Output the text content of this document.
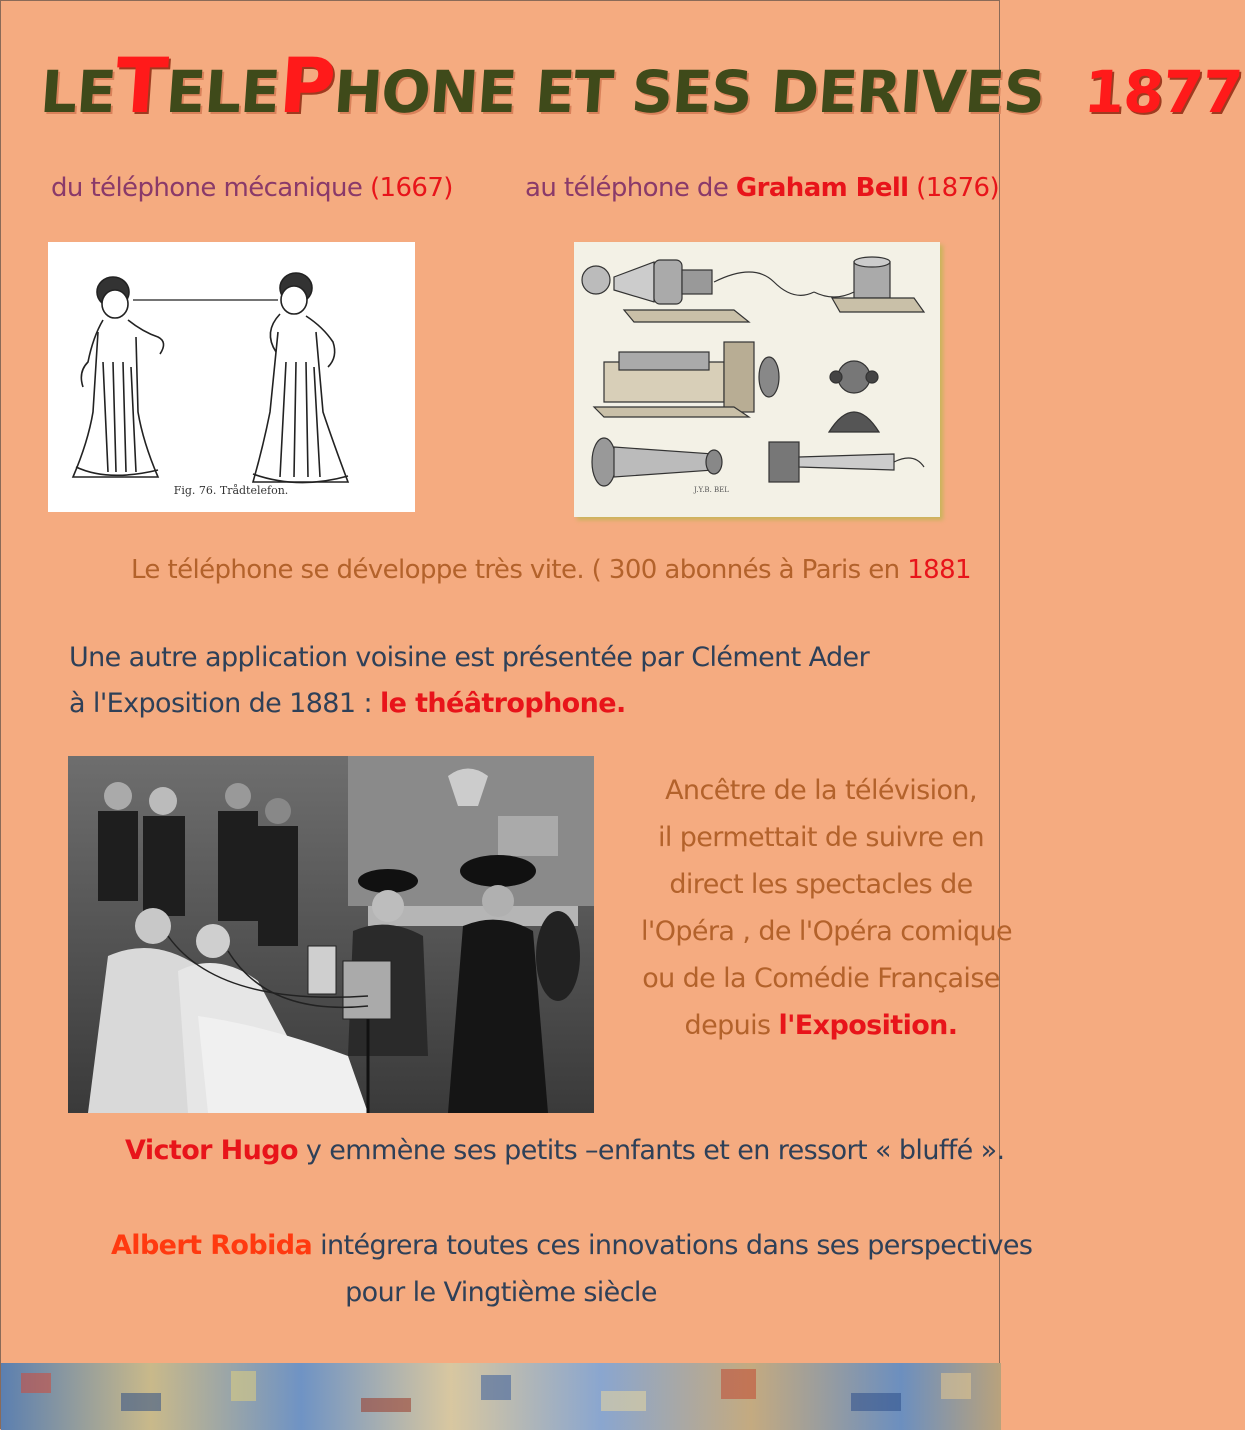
LETELEPHONE ET SES DERIVES 1877
du téléphone mécanique (1667)	au téléphone de Graham Bell (1876)
Fig. 76. Trådtelefon.	J.Y.B. BEL
Le téléphone se développe très vite. ( 300 abonnés à Paris en 1881
Une autre application voisine est présentée par Clément Ader
à l'Exposition de 1881 : le théâtrophone.
Ancêtre de la télévision,
il permettait de suivre en
direct les spectacles de
l'Opéra , de l'Opéra comique
ou de la Comédie Française
depuis l'Exposition.
Victor Hugo y emmène ses petits –enfants et en ressort « bluffé ».
Albert Robida intégrera toutes ces innovations dans ses perspectives
pour le Vingtième siècle
